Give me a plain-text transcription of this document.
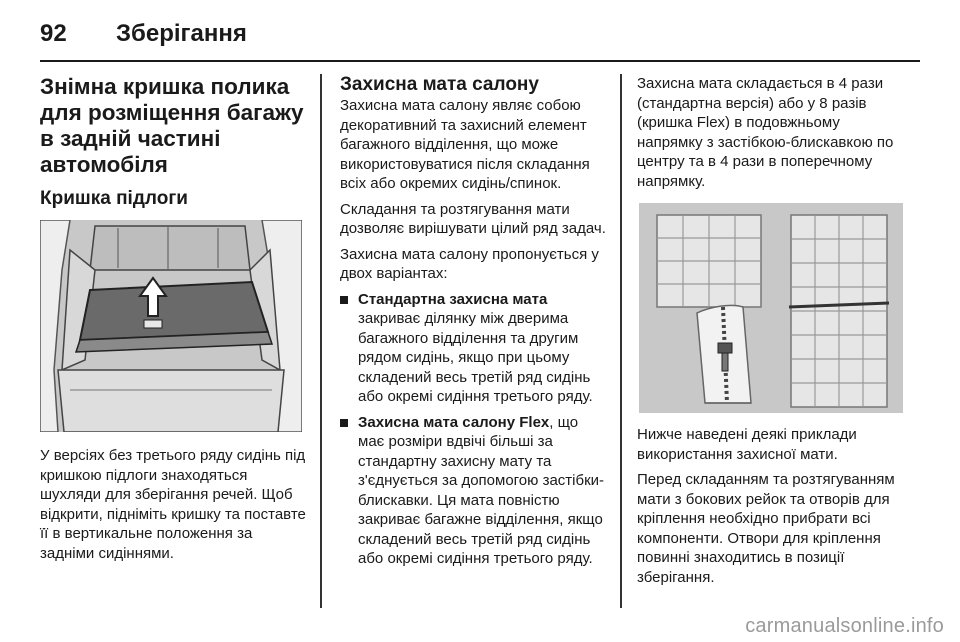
92 Зберігання
Знімна кришка полика для розміщення багажу в задній частині автомобіля
Кришка підлоги

У версіях без третього ряду сидінь під кришкою підлоги знаходяться шухляди для зберігання речей. Щоб відкрити, підніміть кришку та поставте її в вертикальне положення за задніми сидіннями.

Захисна мата салону

Захисна мата салону являє собою декоративний та захисний елемент багажного відділення, що може використовуватися після складання всіх або окремих сидінь/спинок.

Складання та розтягування мати дозволяє вирішувати цілий ряд задач.

Захисна мата салону пропонується у двох варіантах:

Стандартна захисна мата закриває ділянку між дверима багажного відділення та другим рядом сидінь, якщо при цьому складений весь третій ряд сидінь або окремі сидіння третього ряду.
Захисна мата салону Flex, що має розміри вдвічі більші за стандартну захисну мату та з'єднується за допомогою застібки-блискавки. Ця мата повністю закриває багажне відділення, якщо складений весь третій ряд сидінь або окремі сидіння третього ряду.

Захисна мата складається в 4 рази (стандартна версія) або у 8 разів (кришка Flex) в подовжньому напрямку з застібкою-блискавкою по центру та в 4 рази в поперечному напрямку.

Нижче наведені деякі приклади використання захисної мати.

Перед складанням та розтягуванням мати з бокових рейок та отворів для кріплення необхідно прибрати всі компоненти. Отвори для кріплення повинні знаходитись в позиції зберігання.

carmanualsonline.info
